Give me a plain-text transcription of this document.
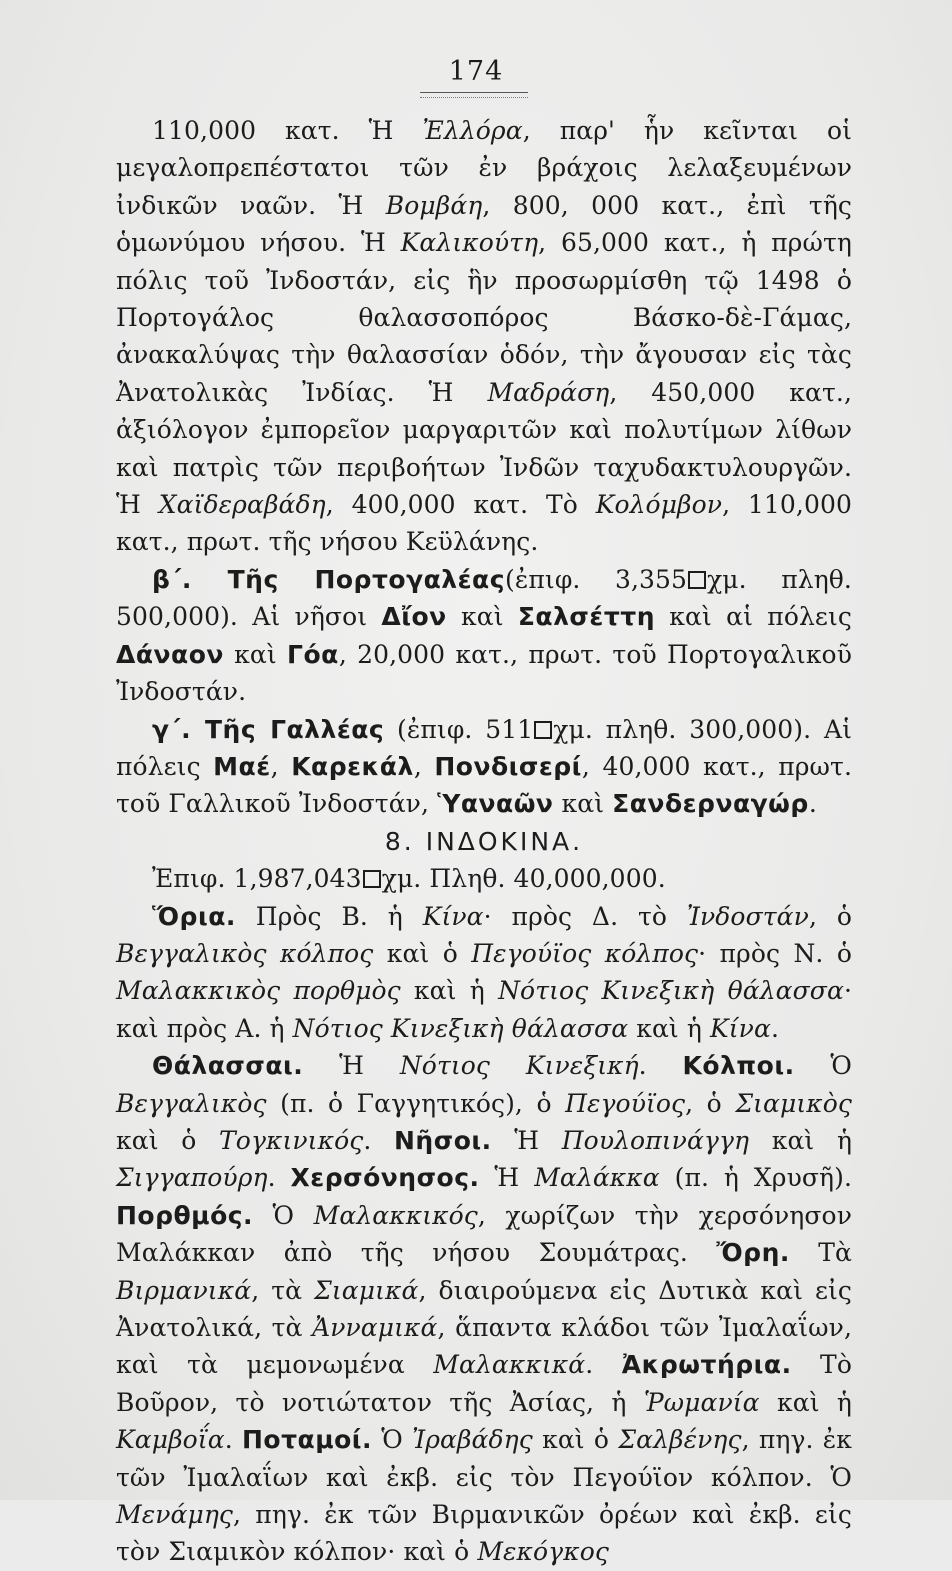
174

110,000 κατ. Ἡ Ἐλλόρα, παρ' ἧν κεῖνται οἱ μεγαλοπρεπέστατοι τῶν ἐν βράχοις λελαξευμένων ἰνδικῶν ναῶν. Ἡ Βομβάη, 800, 000 κατ., ἐπὶ τῆς ὁμωνύμου νήσου. Ἡ Καλικούτη, 65,000 κατ., ἡ πρώτη πόλις τοῦ Ἰνδοστάν, εἰς ἣν προσωρμίσθη τῷ 1498 ὁ Πορτογάλος θαλασσοπόρος Βάσκο-δὲ-Γάμας, ἀνακαλύψας τὴν θαλασσίαν ὁδόν, τὴν ἄγουσαν εἰς τὰς Ἀνατολικὰς Ἰνδίας. Ἡ Μαδράση, 450,000 κατ., ἀξιόλογον ἐμπορεῖον μαργαριτῶν καὶ πολυτίμων λίθων καὶ πατρὶς τῶν περιβοήτων Ἰνδῶν ταχυδακτυλουργῶν. Ἡ Χαϊδεραβάδη, 400,000 κατ. Τὸ Κολόμβον, 110,000 κατ., πρωτ. τῆς νήσου Κεϋλάνης.

β΄. Τῆς Πορτογαλέας(ἐπιφ. 3,355 χμ. πληθ. 500,000). Αἱ νῆσοι Δἴον καὶ Σαλσέττη καὶ αἱ πόλεις Δάναον καὶ Γόα, 20,000 κατ., πρωτ. τοῦ Πορτογαλικοῦ Ἰνδοστάν.

γ΄. Τῆς Γαλλέας (ἐπιφ. 511 χμ. πληθ. 300,000). Αἱ πόλεις Μαέ, Καρεκάλ, Πονδισερί, 40,000 κατ., πρωτ. τοῦ Γαλλικοῦ Ἰνδοστάν, Ὑαναῶν καὶ Σανδερναγώρ.

8. ΙΝΔΟΚΙΝΑ.

Ἐπιφ. 1,987,043 χμ. Πληθ. 40,000,000.

Ὅρια. Πρὸς Β. ἡ Κίνα· πρὸς Δ. τὸ Ἰνδοστάν, ὁ Βεγγαλικὸς κόλπος καὶ ὁ Πεγούϊος κόλπος· πρὸς Ν. ὁ Μαλακκικὸς πορθμὸς καὶ ἡ Νότιος Κινεξικὴ θάλασσα· καὶ πρὸς Α. ἡ Νότιος Κινεξικὴ θάλασσα καὶ ἡ Κίνα.

Θάλασσαι. Ἡ Νότιος Κινεξική. Κόλποι. Ὁ Βεγγαλικὸς (π. ὁ Γαγγητικός), ὁ Πεγούϊος, ὁ Σιαμικὸς καὶ ὁ Τογκινικός. Νῆσοι. Ἡ Πουλοπινάγγη καὶ ἡ Σιγγαπούρη. Χερσόνησος. Ἡ Μαλάκκα (π. ἡ Χρυσῆ). Πορθμός. Ὁ Μαλακκικός, χωρίζων τὴν χερσόνησον Μαλάκκαν ἀπὸ τῆς νήσου Σουμάτρας. Ὄρη. Τὰ Βιρμανικά, τὰ Σιαμικά, διαιρούμενα εἰς Δυτικὰ καὶ εἰς Ἀνατολικά, τὰ Ἀνναμικά, ἅπαντα κλάδοι τῶν Ἰμαλαΐων, καὶ τὰ μεμονωμένα Μαλακκικά. Ἀκρωτήρια. Τὸ Βοῦρον, τὸ νοτιώτατον τῆς Ἀσίας, ἡ Ῥωμανία καὶ ἡ Καμβοΐα. Ποταμοί. Ὁ Ἰραβάδης καὶ ὁ Σαλβένης, πηγ. ἐκ τῶν Ἰμαλαΐων καὶ ἐκβ. εἰς τὸν Πεγούϊον κόλπον. Ὁ Μενάμης, πηγ. ἐκ τῶν Βιρμανικῶν ὀρέων καὶ ἐκβ. εἰς τὸν Σιαμικὸν κόλπον· καὶ ὁ Μεκόγκος
